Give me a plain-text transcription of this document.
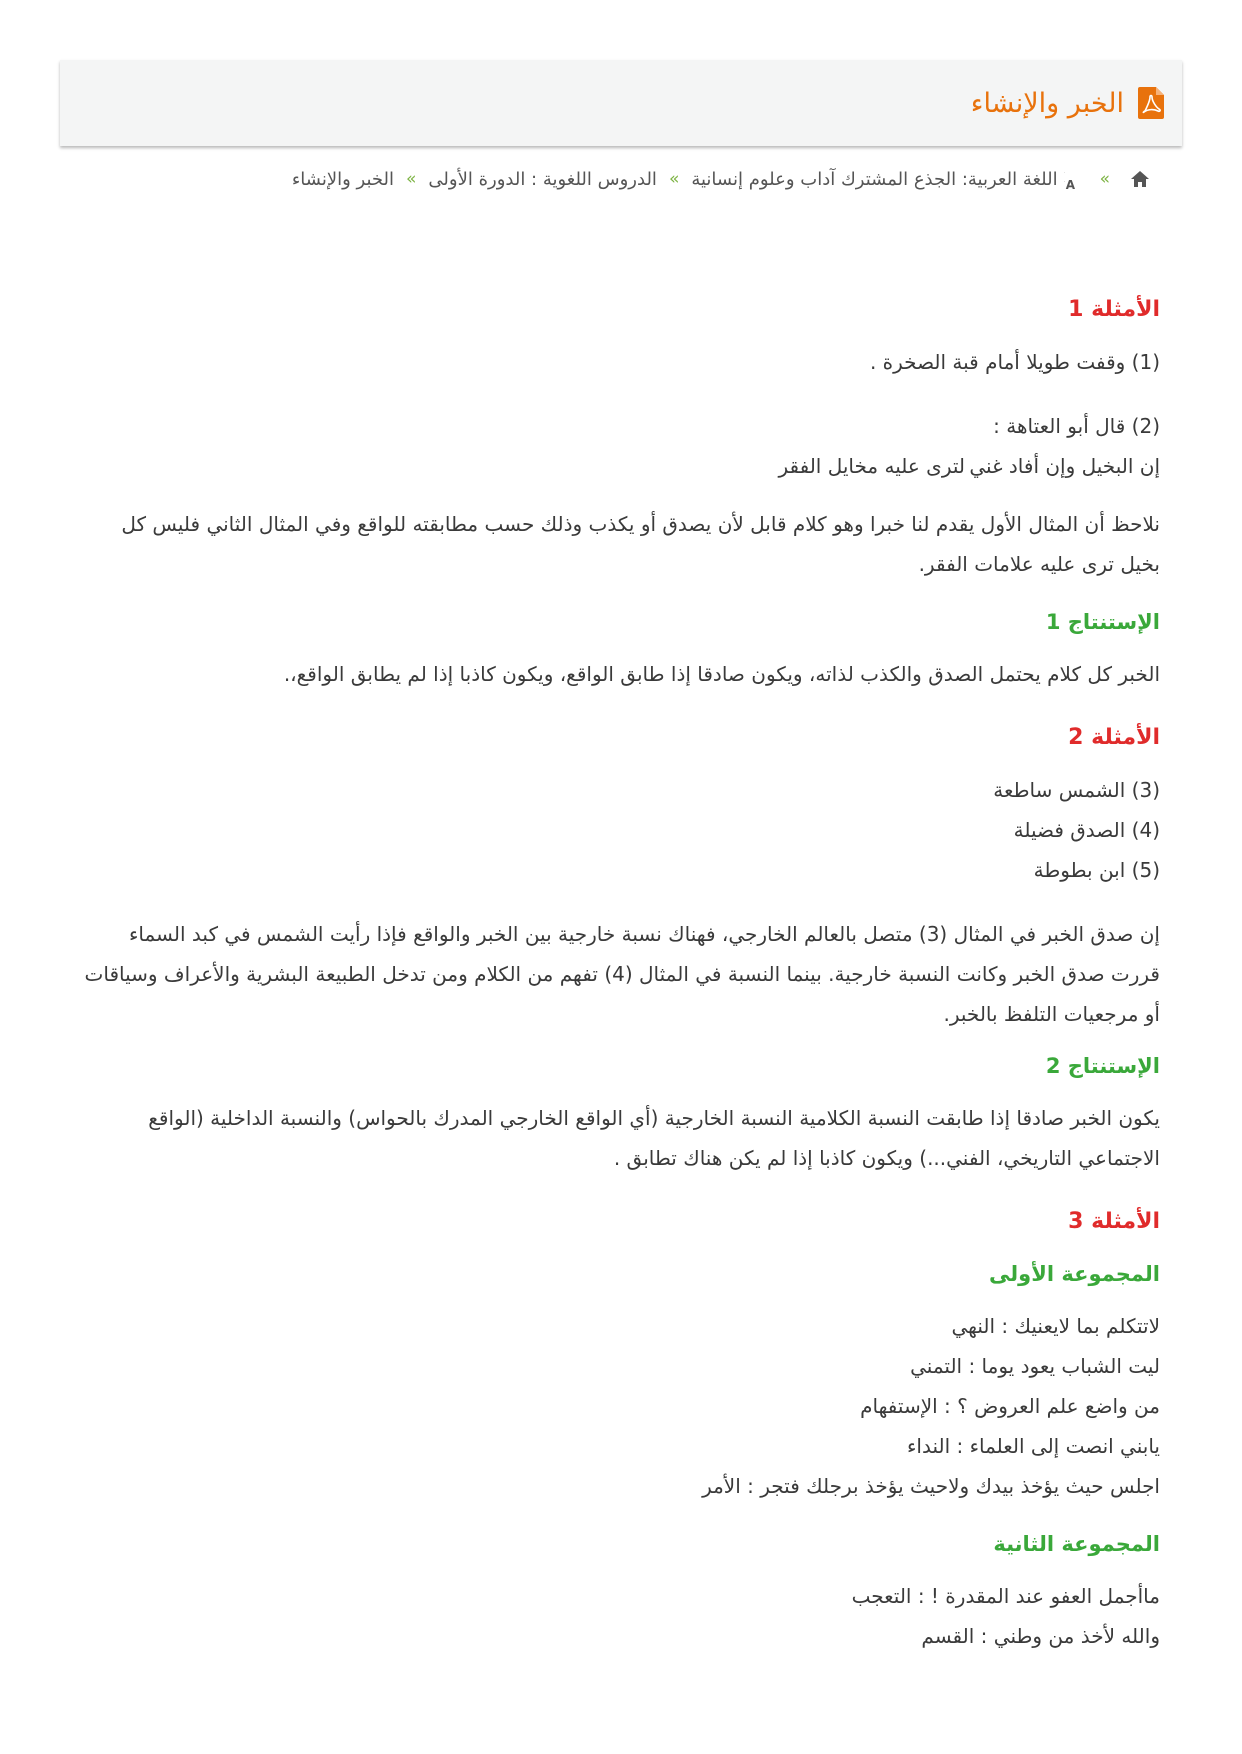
الخبر والإنشاء
»
A
اللغة العربية: الجذع المشترك آداب وعلوم إنسانية
»
الدروس اللغوية : الدورة الأولى
»
الخبر والإنشاء
الأمثلة 1

(1) وقفت طويلا أمام قبة الصخرة .

(2) قال أبو العتاهة :

إن البخيل وإن أفاد غني
لترى عليه مخايل الفقر

نلاحظ أن المثال الأول يقدم لنا خبرا وهو كلام قابل لأن يصدق أو يكذب وذلك حسب مطابقته للواقع وفي المثال الثاني فليس كل بخيل ترى عليه علامات الفقر.

الإستنتاج 1

الخبر كل كلام يحتمل الصدق والكذب لذاته، ويكون صادقا إذا طابق الواقع، ويكون كاذبا إذا لم يطابق الواقع،.

الأمثلة 2

(3) الشمس ساطعة

(4) الصدق فضيلة

(5) ابن بطوطة

إن صدق الخبر في المثال (3) متصل بالعالم الخارجي، فهناك نسبة خارجية بين الخبر والواقع فإذا رأيت الشمس في كبد السماء قررت صدق الخبر وكانت النسبة خارجية. بينما النسبة في المثال (4) تفهم من الكلام ومن تدخل الطبيعة البشرية والأعراف وسياقات أو مرجعيات التلفظ بالخبر.

الإستنتاج 2

يكون الخبر صادقا إذا طابقت النسبة الكلامية النسبة الخارجية (أي الواقع الخارجي المدرك بالحواس) والنسبة الداخلية (الواقع الاجتماعي التاريخي، الفني...) ويكون كاذبا إذا لم يكن هناك تطابق .

الأمثلة 3
المجموعة الأولى

لاتتكلم بما لايعنيك : النهي

ليت الشباب يعود يوما : التمني

من واضع علم العروض ؟ : الإستفهام

يابني انصت إلى العلماء : النداء

اجلس حيث يؤخذ بيدك ولاحيث يؤخذ برجلك فتجر : الأمر

المجموعة الثانية

ماأجمل العفو عند المقدرة ! : التعجب

والله لأخذ من وطني : القسم
